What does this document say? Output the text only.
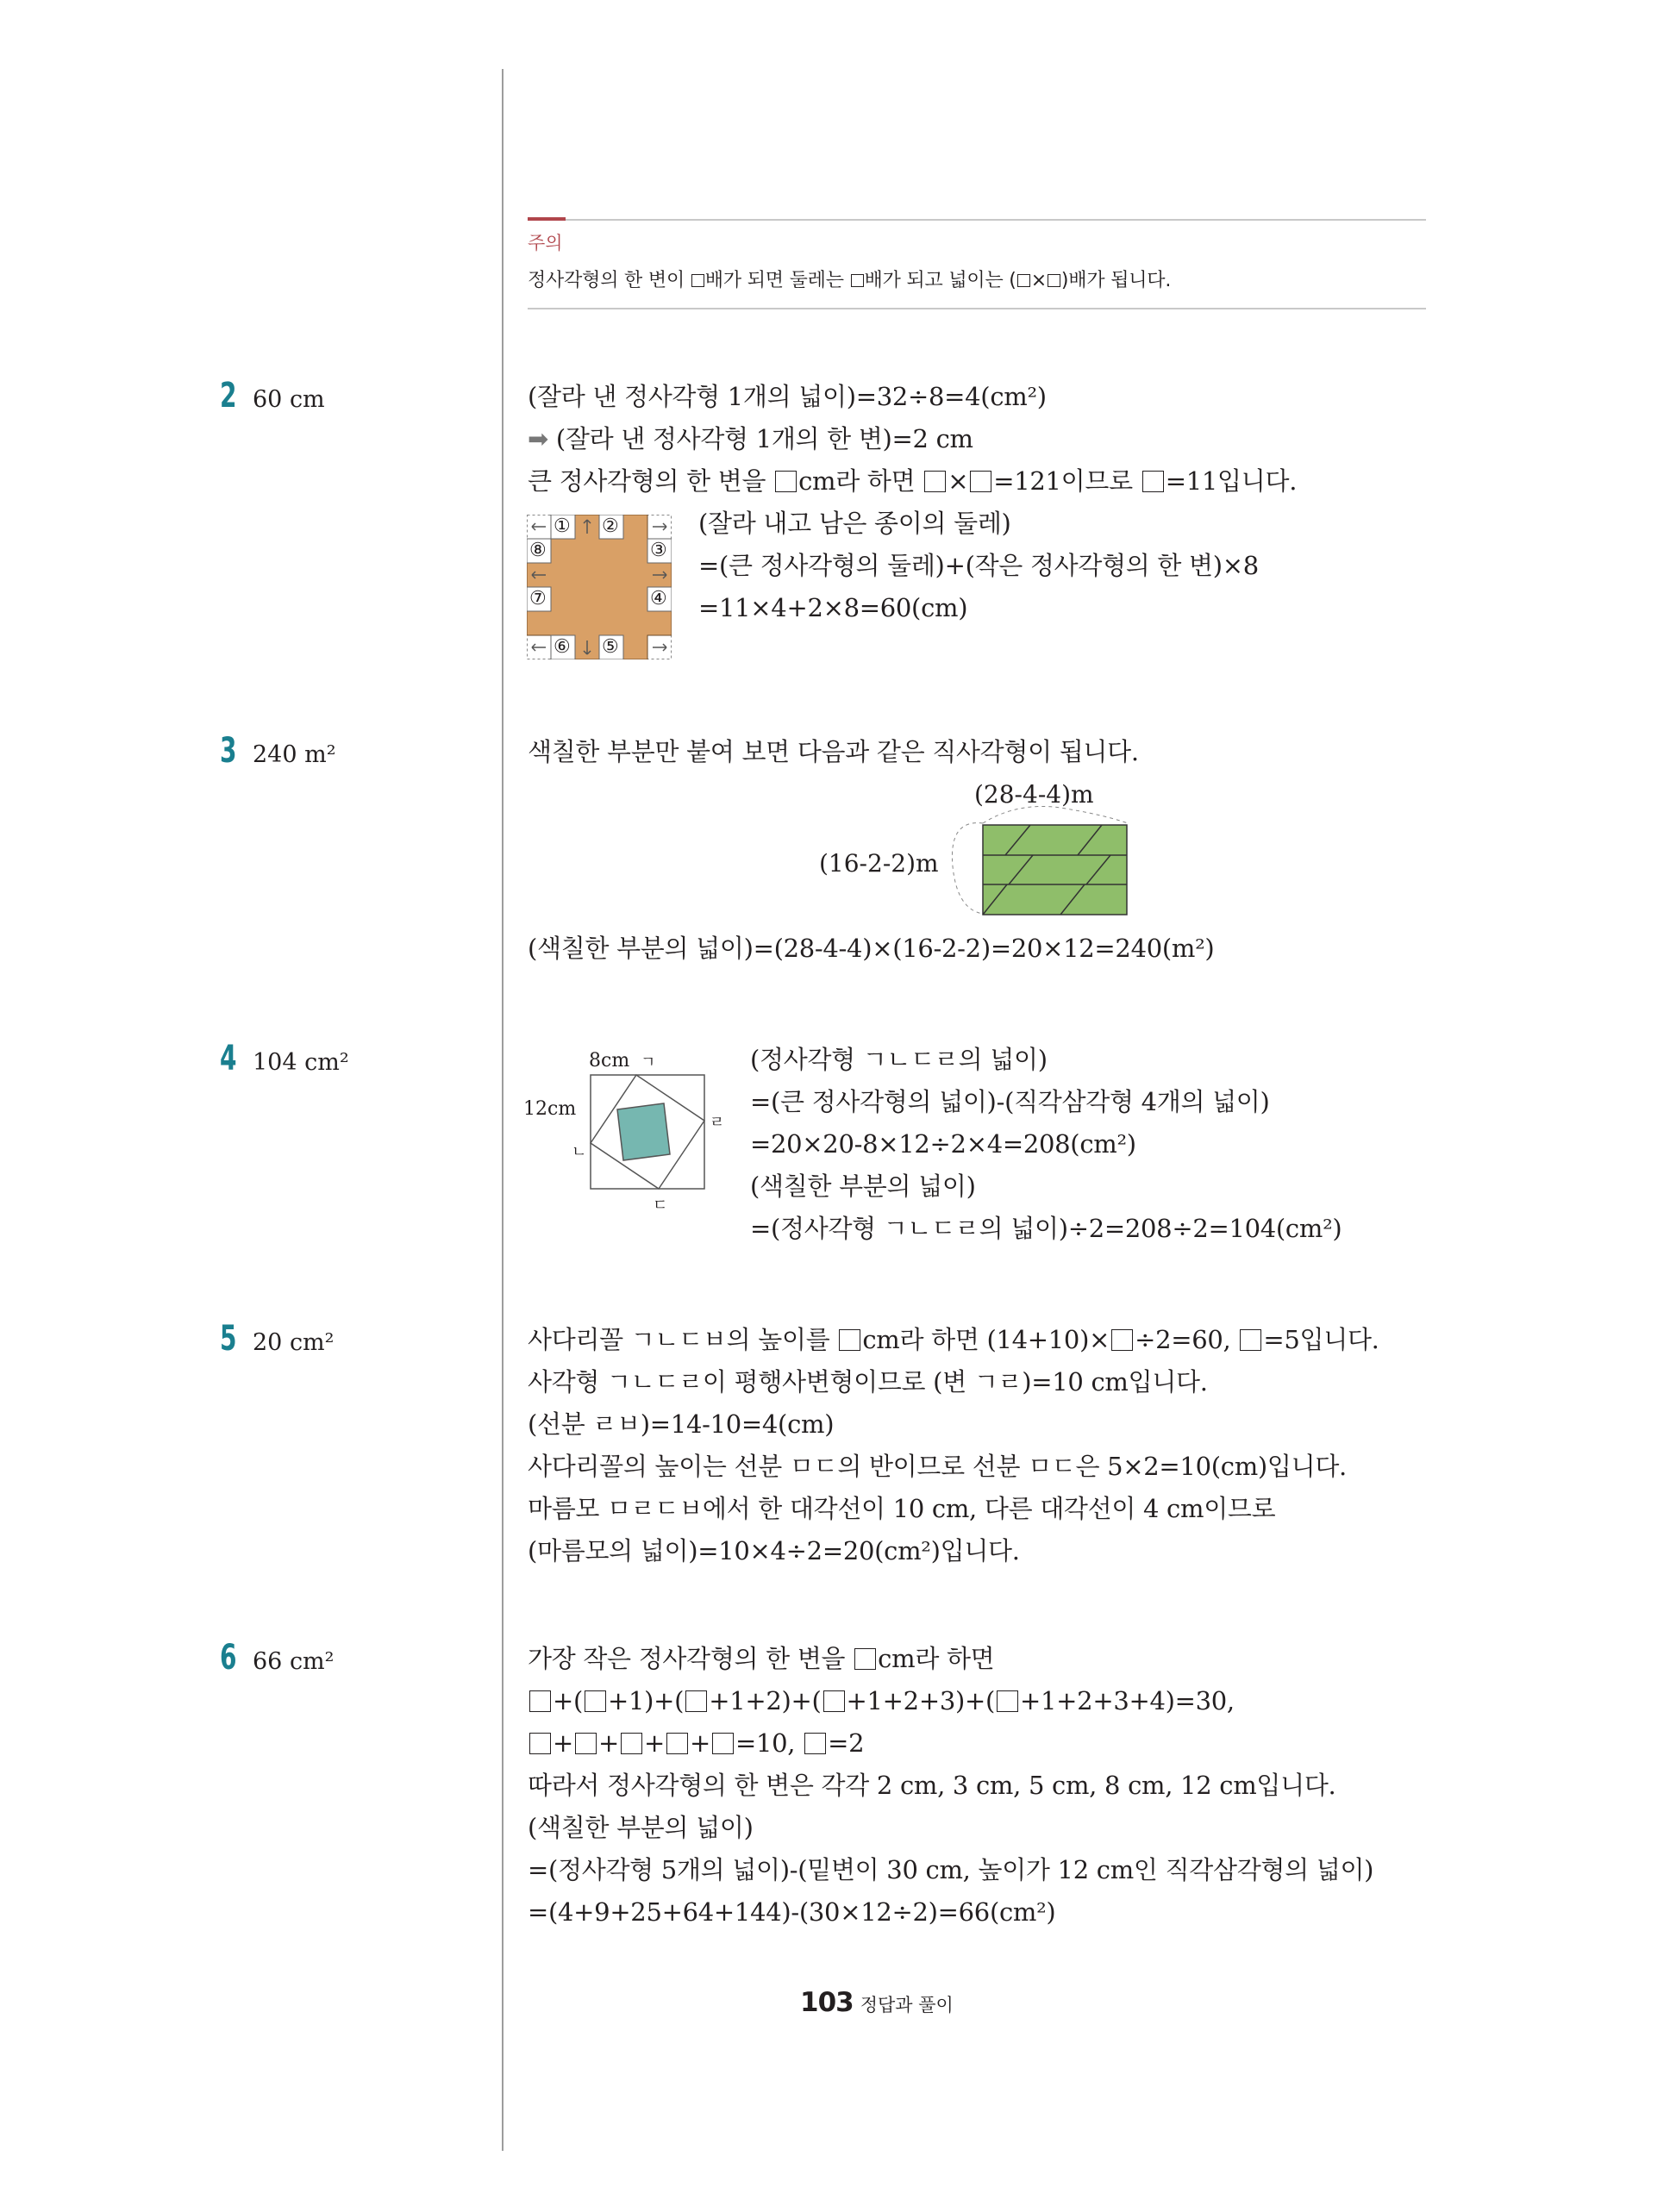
주의
정사각형의 한 변이 배가 되면 둘레는 배가 되고 넓이는 ( × )배가 됩니다.
2 60 cm	(잘라 낸 정사각형 1개의 넓이)=32÷8=4(cm²)
➡ (잘라 낸 정사각형 1개의 한 변)=2 cm
큰 정사각형의 한 변을 cm라 하면 × =121이므로 =11입니다.
① ②
③
④
⑤
⑥
⑦
⑧
(잘라 내고 남은 종이의 둘레)
=(큰 정사각형의 둘레)+(작은 정사각형의 한 변)×8
=11×4+2×8=60(cm)
3 240 m²	색칠한 부분만 붙여 보면 다음과 같은 직사각형이 됩니다.
(28-4-4)m
(16-2-2)m
(색칠한 부분의 넓이)=(28-4-4)×(16-2-2)=20×12=240(m²)
4 104 cm²	8cm
12cm
ㄱ
ㄴ
ㄷ
ㄹ
(정사각형 ㄱㄴㄷㄹ의 넓이)
=(큰 정사각형의 넓이)-(직각삼각형 4개의 넓이)
=20×20-8×12÷2×4=208(cm²)
(색칠한 부분의 넓이)
=(정사각형 ㄱㄴㄷㄹ의 넓이)÷2=208÷2=104(cm²)
5 20 cm²	사다리꼴 ㄱㄴㄷㅂ의 높이를 cm라 하면 (14+10)× ÷2=60, =5입니다.
사각형 ㄱㄴㄷㄹ이 평행사변형이므로 (변 ㄱㄹ)=10 cm입니다.
(선분 ㄹㅂ)=14-10=4(cm)
사다리꼴의 높이는 선분 ㅁㄷ의 반이므로 선분 ㅁㄷ은 5×2=10(cm)입니다.
마름모 ㅁㄹㄷㅂ에서 한 대각선이 10 cm, 다른 대각선이 4 cm이므로
(마름모의 넓이)=10×4÷2=20(cm²)입니다.
6 66 cm²	가장 작은 정사각형의 한 변을 cm라 하면
+( +1)+( +1+2)+( +1+2+3)+( +1+2+3+4)=30,
+ + + + =10, =2
따라서 정사각형의 한 변은 각각 2 cm, 3 cm, 5 cm, 8 cm, 12 cm입니다.
(색칠한 부분의 넓이)
=(정사각형 5개의 넓이)-(밑변이 30 cm, 높이가 12 cm인 직각삼각형의 넓이)
=(4+9+25+64+144)-(30×12÷2)=66(cm²)
103 정답과 풀이
